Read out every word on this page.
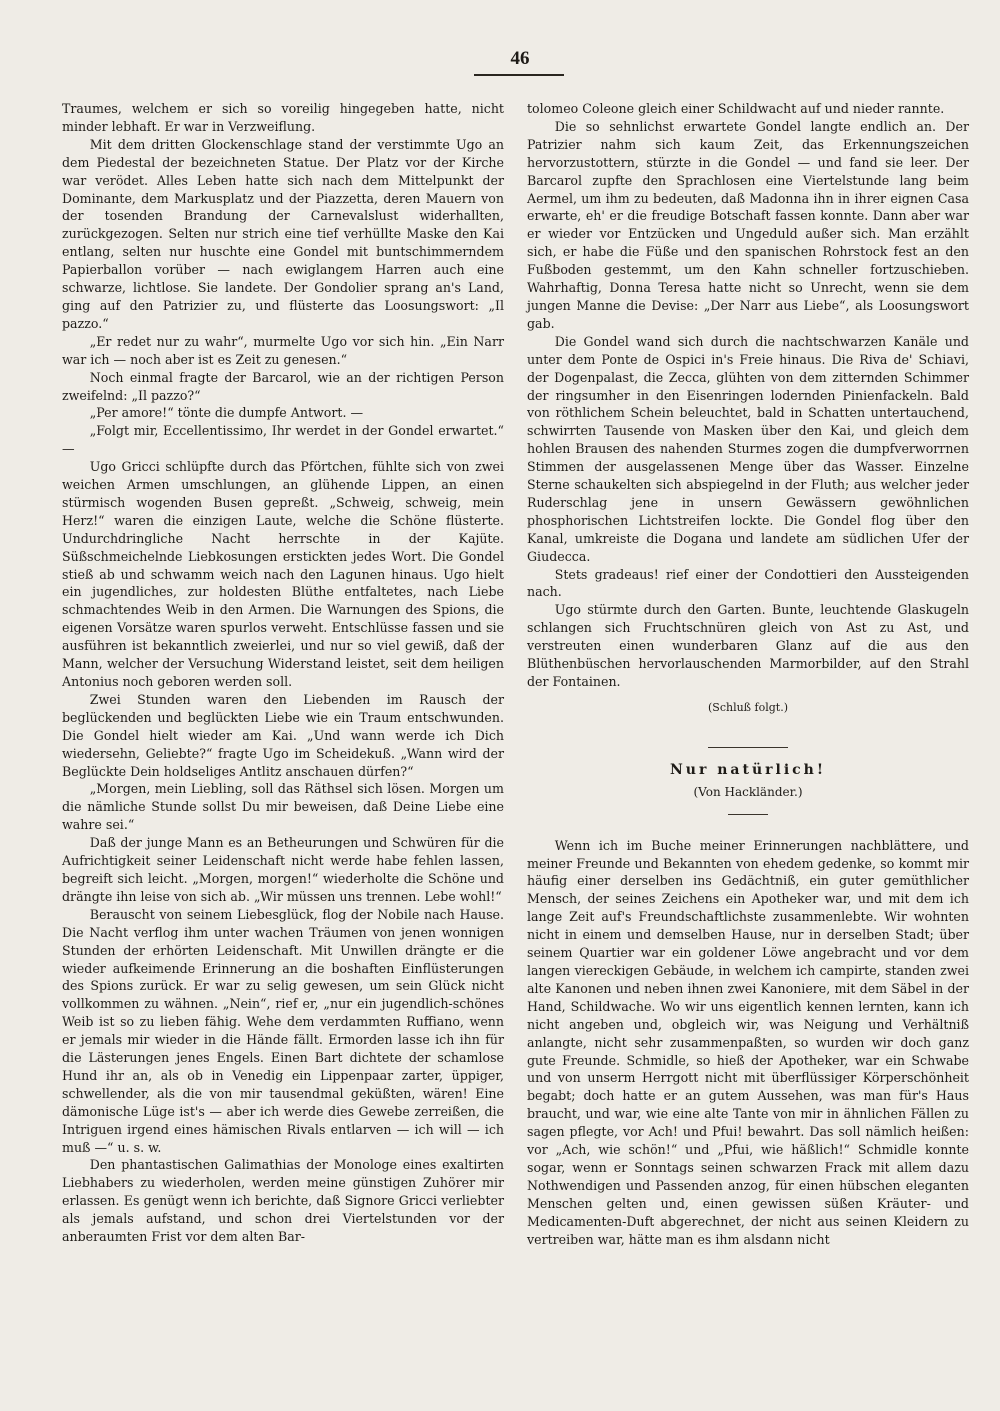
46

Traumes, welchem er sich so voreilig hingegeben hatte, nicht minder lebhaft. Er war in Verzweiflung.

Mit dem dritten Glockenschlage stand der verstimmte Ugo an dem Piedestal der bezeichneten Statue. Der Platz vor der Kirche war verödet. Alles Leben hatte sich nach dem Mittelpunkt der Dominante, dem Markusplatz und der Piazzetta, deren Mauern von der tosenden Brandung der Carnevalslust widerhallten, zurückgezogen. Selten nur strich eine tief verhüllte Maske den Kai entlang, selten nur huschte eine Gondel mit buntschimmerndem Papierballon vorüber — nach ewiglangem Harren auch eine schwarze, lichtlose. Sie landete. Der Gondolier sprang an's Land, ging auf den Patrizier zu, und flüsterte das Loosungswort: „Il pazzo.“

„Er redet nur zu wahr“, murmelte Ugo vor sich hin. „Ein Narr war ich — noch aber ist es Zeit zu genesen.“

Noch einmal fragte der Barcarol, wie an der richtigen Person zweifelnd: „Il pazzo?“

„Per amore!“ tönte die dumpfe Antwort. —

„Folgt mir, Eccellentissimo, Ihr werdet in der Gondel erwartet.“ —

Ugo Gricci schlüpfte durch das Pförtchen, fühlte sich von zwei weichen Armen umschlungen, an glühende Lippen, an einen stürmisch wogenden Busen gepreßt. „Schweig, schweig, mein Herz!“ waren die einzigen Laute, welche die Schöne flüsterte. Undurchdringliche Nacht herrschte in der Kajüte. Süßschmeichelnde Liebkosungen erstickten jedes Wort. Die Gondel stieß ab und schwamm weich nach den Lagunen hinaus. Ugo hielt ein jugendliches, zur holdesten Blüthe entfaltetes, nach Liebe schmachtendes Weib in den Armen. Die Warnungen des Spions, die eigenen Vorsätze waren spurlos verweht. Entschlüsse fassen und sie ausführen ist bekanntlich zweierlei, und nur so viel gewiß, daß der Mann, welcher der Versuchung Widerstand leistet, seit dem heiligen Antonius noch geboren werden soll.

Zwei Stunden waren den Liebenden im Rausch der beglückenden und beglückten Liebe wie ein Traum entschwunden. Die Gondel hielt wieder am Kai. „Und wann werde ich Dich wiedersehn, Geliebte?“ fragte Ugo im Scheidekuß. „Wann wird der Beglückte Dein holdseliges Antlitz anschauen dürfen?“

„Morgen, mein Liebling, soll das Räthsel sich lösen. Morgen um die nämliche Stunde sollst Du mir beweisen, daß Deine Liebe eine wahre sei.“

Daß der junge Mann es an Betheurungen und Schwüren für die Aufrichtigkeit seiner Leidenschaft nicht werde habe fehlen lassen, begreift sich leicht. „Morgen, morgen!“ wiederholte die Schöne und drängte ihn leise von sich ab. „Wir müssen uns trennen. Lebe wohl!“

Berauscht von seinem Liebesglück, flog der Nobile nach Hause. Die Nacht verflog ihm unter wachen Träumen von jenen wonnigen Stunden der erhörten Leidenschaft. Mit Unwillen drängte er die wieder aufkeimende Erinnerung an die boshaften Einflüsterungen des Spions zurück. Er war zu selig gewesen, um sein Glück nicht vollkommen zu wähnen. „Nein“, rief er, „nur ein jugendlich-schönes Weib ist so zu lieben fähig. Wehe dem verdammten Ruffiano, wenn er jemals mir wieder in die Hände fällt. Ermorden lasse ich ihn für die Lästerungen jenes Engels. Einen Bart dichtete der schamlose Hund ihr an, als ob in Venedig ein Lippenpaar zarter, üppiger, schwellender, als die von mir tausendmal geküßten, wären! Eine dämonische Lüge ist's — aber ich werde dies Gewebe zerreißen, die Intriguen irgend eines hämischen Rivals entlarven — ich will — ich muß —“ u. s. w.

Den phantastischen Galimathias der Monologe eines exaltirten Liebhabers zu wiederholen, werden meine günstigen Zuhörer mir erlassen. Es genügt wenn ich berichte, daß Signore Gricci verliebter als jemals aufstand, und schon drei Viertelstunden vor der anberaumten Frist vor dem alten Bar-

tolomeo Coleone gleich einer Schildwacht auf und nieder rannte.

Die so sehnlichst erwartete Gondel langte endlich an. Der Patrizier nahm sich kaum Zeit, das Erkennungszeichen hervorzustottern, stürzte in die Gondel — und fand sie leer. Der Barcarol zupfte den Sprachlosen eine Viertelstunde lang beim Aermel, um ihm zu bedeuten, daß Madonna ihn in ihrer eignen Casa erwarte, eh' er die freudige Botschaft fassen konnte. Dann aber war er wieder vor Entzücken und Ungeduld außer sich. Man erzählt sich, er habe die Füße und den spanischen Rohrstock fest an den Fußboden gestemmt, um den Kahn schneller fortzuschieben. Wahrhaftig, Donna Teresa hatte nicht so Unrecht, wenn sie dem jungen Manne die Devise: „Der Narr aus Liebe“, als Loosungswort gab.

Die Gondel wand sich durch die nachtschwarzen Kanäle und unter dem Ponte de Ospici in's Freie hinaus. Die Riva de' Schiavi, der Dogenpalast, die Zecca, glühten von dem zitternden Schimmer der ringsumher in den Eisenringen lodernden Pinienfackeln. Bald von röthlichem Schein beleuchtet, bald in Schatten untertauchend, schwirrten Tausende von Masken über den Kai, und gleich dem hohlen Brausen des nahenden Sturmes zogen die dumpfverworrnen Stimmen der ausgelassenen Menge über das Wasser. Einzelne Sterne schaukelten sich abspiegelnd in der Fluth; aus welcher jeder Ruderschlag jene in unsern Gewässern gewöhnlichen phosphorischen Lichtstreifen lockte. Die Gondel flog über den Kanal, umkreiste die Dogana und landete am südlichen Ufer der Giudecca.

Stets gradeaus! rief einer der Condottieri den Aussteigenden nach.

Ugo stürmte durch den Garten. Bunte, leuchtende Glaskugeln schlangen sich Fruchtschnüren gleich von Ast zu Ast, und verstreuten einen wunderbaren Glanz auf die aus den Blüthenbüschen hervorlauschenden Marmorbilder, auf den Strahl der Fontainen.

(Schluß folgt.)

Nur natürlich!

(Von Hackländer.)

Wenn ich im Buche meiner Erinnerungen nachblättere, und meiner Freunde und Bekannten von ehedem gedenke, so kommt mir häufig einer derselben ins Gedächtniß, ein guter gemüthlicher Mensch, der seines Zeichens ein Apotheker war, und mit dem ich lange Zeit auf's Freundschaftlichste zusammenlebte. Wir wohnten nicht in einem und demselben Hause, nur in derselben Stadt; über seinem Quartier war ein goldener Löwe angebracht und vor dem langen viereckigen Gebäude, in welchem ich campirte, standen zwei alte Kanonen und neben ihnen zwei Kanoniere, mit dem Säbel in der Hand, Schildwache. Wo wir uns eigentlich kennen lernten, kann ich nicht angeben und, obgleich wir, was Neigung und Verhältniß anlangte, nicht sehr zusammenpaßten, so wurden wir doch ganz gute Freunde. Schmidle, so hieß der Apotheker, war ein Schwabe und von unserm Herrgott nicht mit überflüssiger Körperschönheit begabt; doch hatte er an gutem Aussehen, was man für's Haus braucht, und war, wie eine alte Tante von mir in ähnlichen Fällen zu sagen pflegte, vor Ach! und Pfui! bewahrt. Das soll nämlich heißen: vor „Ach, wie schön!“ und „Pfui, wie häßlich!“ Schmidle konnte sogar, wenn er Sonntags seinen schwarzen Frack mit allem dazu Nothwendigen und Passenden anzog, für einen hübschen eleganten Menschen gelten und, einen gewissen süßen Kräuter- und Medicamenten-Duft abgerechnet, der nicht aus seinen Kleidern zu vertreiben war, hätte man es ihm alsdann nicht
